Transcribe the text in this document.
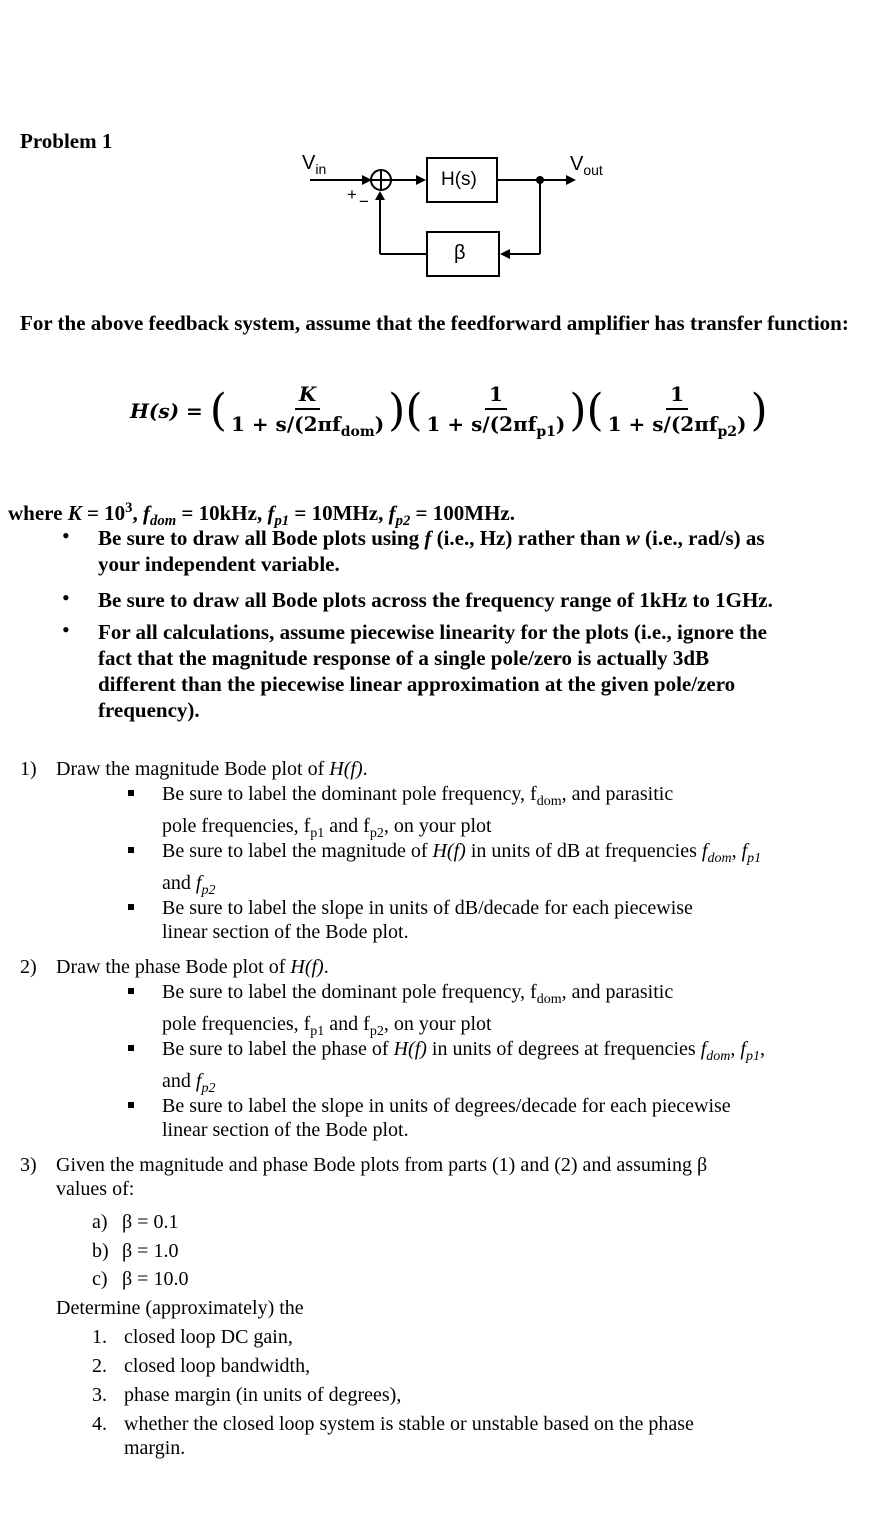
Problem 1
$V_{in}$	$V_{out}$
H(s)
β
+ −
For the above feedback system, assume that the feedforward amplifier has transfer function:
H(s) = ( $\frac{K}{1 + s/(2\pi f_{dom})}$ )( $\frac{1}{1 + s/(2\pi f_{p1})}$ )( $\frac{1}{1 + s/(2\pi f_{p2})}$ )
where $K = 10^3$, $f_{dom} = 10kHz$, $f_{p1} = 10MHz$, $f_{p2} = 100MHz$.
• Be sure to draw all Bode plots using f (i.e., Hz) rather than w (i.e., rad/s) as
your independent variable.
• Be sure to draw all Bode plots across the frequency range of 1kHz to 1GHz.
• For all calculations, assume piecewise linearity for the plots (i.e., ignore the
fact that the magnitude response of a single pole/zero is actually 3dB
different than the piecewise linear approximation at the given pole/zero
frequency).
1) Draw the magnitude Bode plot of H(f).
Be sure to label the dominant pole frequency, $f_{dom}$, and parasitic
pole frequencies, $f_{p1}$ and $f_{p2}$, on your plot
Be sure to label the magnitude of H(f) in units of dB at frequencies $f_{dom}$, $f_{p1}$
and $f_{p2}$
Be sure to label the slope in units of dB/decade for each piecewise
linear section of the Bode plot.
2) Draw the phase Bode plot of H(f).
Be sure to label the dominant pole frequency, $f_{dom}$, and parasitic
pole frequencies, $f_{p1}$ and $f_{p2}$, on your plot
Be sure to label the phase of H(f) in units of degrees at frequencies $f_{dom}$, $f_{p1}$,
and $f_{p2}$
Be sure to label the slope in units of degrees/decade for each piecewise
linear section of the Bode plot.
3) Given the magnitude and phase Bode plots from parts (1) and (2) and assuming β
values of:
a) β = 0.1
b) β = 1.0
c) β = 10.0
Determine (approximately) the
1. closed loop DC gain,
2. closed loop bandwidth,
3. phase margin (in units of degrees),
4. whether the closed loop system is stable or unstable based on the phase
margin.
